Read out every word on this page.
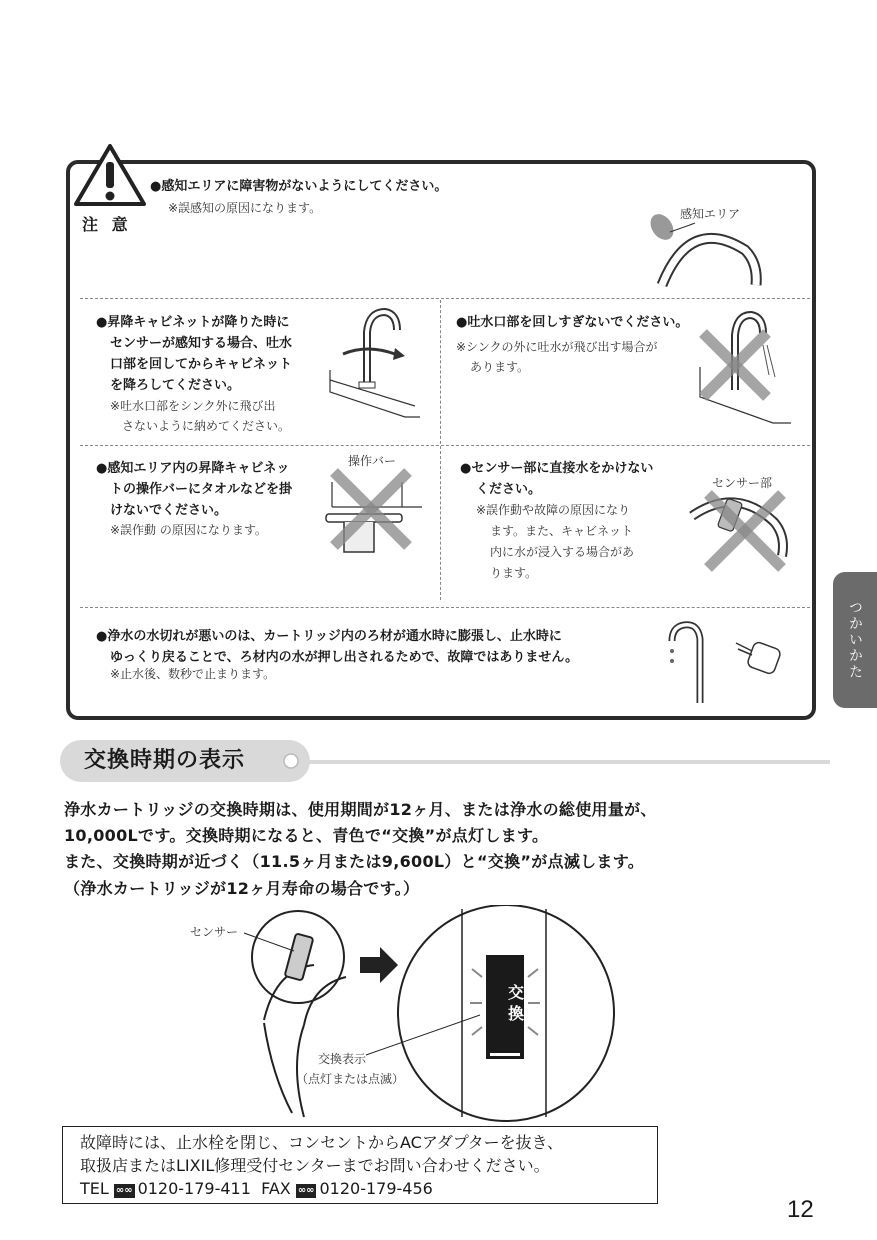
注 意
●感知エリアに障害物がないようにしてください。
※誤感知の原因になります。	感知エリア
●昇降キャビネットが降りた時に
センサーが感知する場合、吐水
口部を回してからキャビネット
を降ろしてください。
※吐水口部をシンク外に飛び出
さないように納めてください。
●吐水口部を回しすぎないでください。
※シンクの外に吐水が飛び出す場合が
あります。
●感知エリア内の昇降キャビネッ
トの操作バーにタオルなどを掛
けないでください。
※誤作動 の原因になります。
操作バー	●センサー部に直接水をかけない
ください。
※誤作動や故障の原因になり
ます。また、キャビネット
内に水が浸入する場合があ
ります。
センサー部
●浄水の水切れが悪いのは、カートリッジ内のろ材が通水時に膨張し、止水時に
ゆっくり戻ることで、ろ材内の水が押し出されるためで、故障ではありません。
※止水後、数秒で止まります。	つかいかた
交換時期の表示
浄水カートリッジの交換時期は、使用期間が12ヶ月、または浄水の総使用量が、
10,000Lです。交換時期になると、青色で“交換”が点灯します。
また、交換時期が近づく（11.5ヶ月または9,600L）と“交換”が点滅します。
（浄水カートリッジが12ヶ月寿命の場合です。）
交
換
センサー
交換表示
（点灯または点滅）
故障時には、止水栓を閉じ、コンセントからACアダプターを抜き、
取扱店またはLIXIL修理受付センターまでお問い合わせください。
TEL ∞∞ 0120-179-411 FAX ∞∞ 0120-179-456
12
